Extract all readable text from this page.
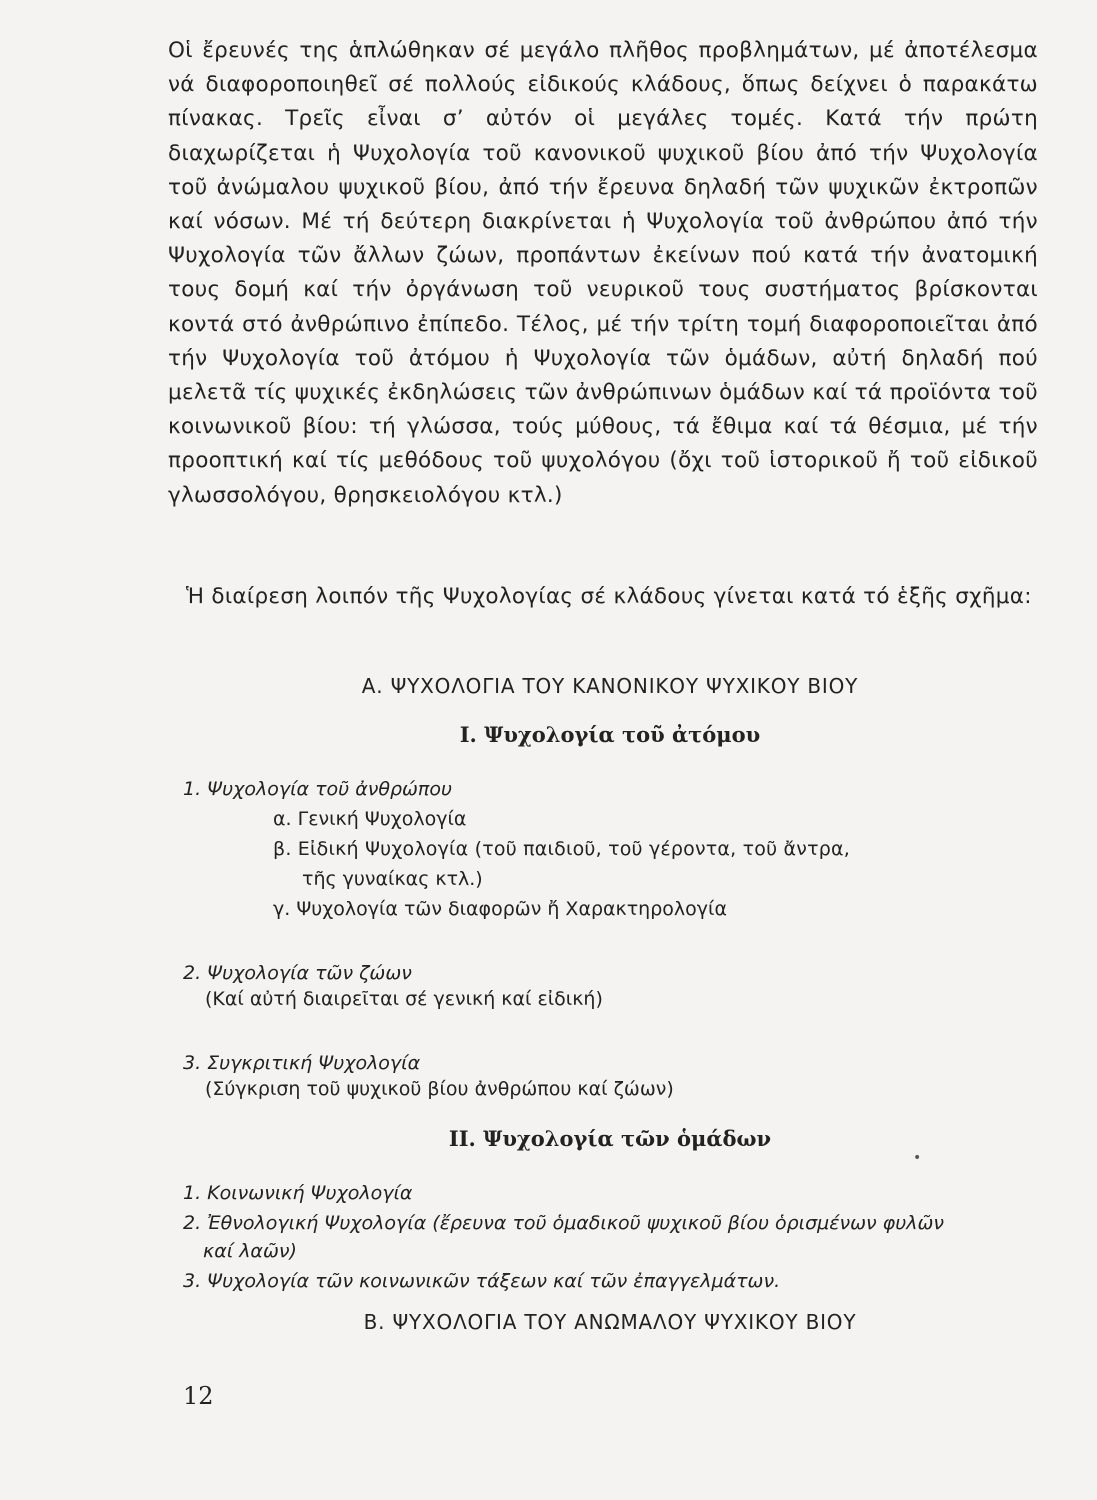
Οἱ ἔρευνές της ἁπλώθηκαν σέ μεγάλο πλῆθος προβλημάτων, μέ ἀποτέλεσμα νά διαφοροποιηθεῖ σέ πολλούς εἰδικούς κλάδους, ὅπως δείχνει ὁ παρακάτω πίνακας. Τρεῖς εἶναι σ’ αὐτόν οἱ μεγάλες τομές. Κατά τήν πρώτη διαχωρίζεται ἡ Ψυχολογία τοῦ κανονικοῦ ψυχικοῦ βίου ἀπό τήν Ψυχολογία τοῦ ἀνώμαλου ψυχικοῦ βίου, ἀπό τήν ἔρευνα δηλαδή τῶν ψυχικῶν ἐκτροπῶν καί νόσων. Μέ τή δεύτερη διακρίνεται ἡ Ψυχολογία τοῦ ἀνθρώπου ἀπό τήν Ψυχολογία τῶν ἄλλων ζώων, προπάντων ἐκείνων πού κατά τήν ἀνατομική τους δομή καί τήν ὀργάνωση τοῦ νευρικοῦ τους συστήματος βρίσκονται κοντά στό ἀνθρώπινο ἐπίπεδο. Τέλος, μέ τήν τρίτη τομή διαφοροποιεῖται ἀπό τήν Ψυχολογία τοῦ ἀτόμου ἡ Ψυχολογία τῶν ὁμάδων, αὐτή δηλαδή πού μελετᾶ τίς ψυχικές ἐκδηλώσεις τῶν ἀνθρώπινων ὁμάδων καί τά προϊόντα τοῦ κοινωνικοῦ βίου: τή γλώσσα, τούς μύθους, τά ἔθιμα καί τά θέσμια, μέ τήν προοπτική καί τίς μεθόδους τοῦ ψυχολόγου (ὄχι τοῦ ἱστορικοῦ ἤ τοῦ εἰδικοῦ γλωσσολόγου, θρησκειολόγου κτλ.)
Ἡ διαίρεση λοιπόν τῆς Ψυχολογίας σέ κλάδους γίνεται κατά τό ἑξῆς σχῆμα:
Α. ΨΥΧΟΛΟΓΙΑ ΤΟΥ ΚΑΝΟΝΙΚΟΥ ΨΥΧΙΚΟΥ ΒΙΟΥ
Ι. Ψυχολογία τοῦ ἀτόμου
1. Ψυχολογία τοῦ ἀνθρώπου
α. Γενική Ψυχολογία
β. Εἰδική Ψυχολογία (τοῦ παιδιοῦ, τοῦ γέροντα, τοῦ ἄντρα,
τῆς γυναίκας κτλ.)
γ. Ψυχολογία τῶν διαφορῶν ἤ Χαρακτηρολογία
2. Ψυχολογία τῶν ζώων
(Καί αὐτή διαιρεῖται σέ γενική καί εἰδική)
3. Συγκριτική Ψυχολογία
(Σύγκριση τοῦ ψυχικοῦ βίου ἀνθρώπου καί ζώων)
ΙΙ. Ψυχολογία τῶν ὁμάδων
•
1. Κοινωνική Ψυχολογία
2. Ἐθνολογική Ψυχολογία (ἔρευνα τοῦ ὁμαδικοῦ ψυχικοῦ βίου ὁρισμένων φυλῶν
καί λαῶν)
3. Ψυχολογία τῶν κοινωνικῶν τάξεων καί τῶν ἐπαγγελμάτων.
Β. ΨΥΧΟΛΟΓΙΑ ΤΟΥ ΑΝΩΜΑΛΟΥ ΨΥΧΙΚΟΥ ΒΙΟΥ
12
